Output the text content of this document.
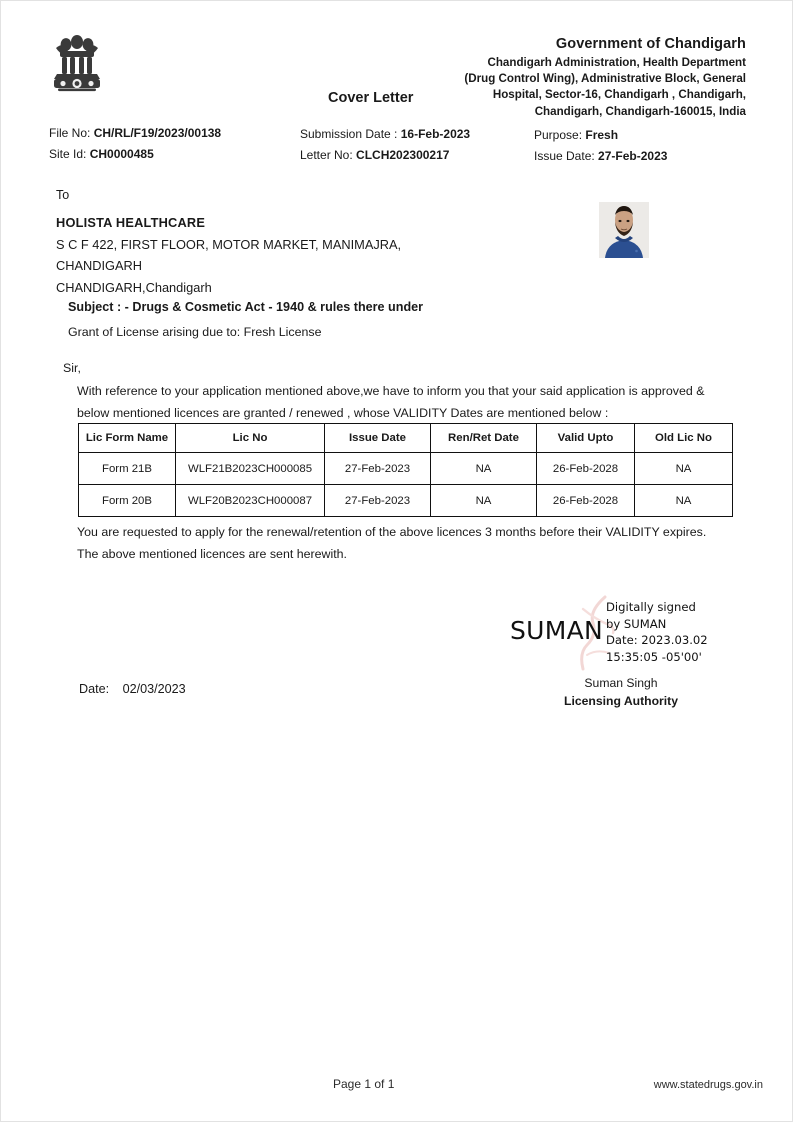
Government of Chandigarh
Chandigarh Administration, Health Department
(Drug Control Wing), Administrative Block, General
Hospital, Sector-16, Chandigarh , Chandigarh,
Chandigarh, Chandigarh-160015, India
Cover Letter
File No: CH/RL/F19/2023/00138
Site Id: CH0000485
Submission Date : 16-Feb-2023
Letter No: CLCH202300217
Purpose: Fresh
Issue Date: 27-Feb-2023
To
HOLISTA HEALTHCARE
S C F 422, FIRST FLOOR, MOTOR MARKET, MANIMAJRA,
CHANDIGARH
CHANDIGARH,Chandigarh
Subject : - Drugs & Cosmetic Act - 1940 & rules there under
Grant of License arising due to: Fresh License
Sir,
With reference to your application mentioned above,we have to inform you that your said application is approved & below mentioned licences are granted / renewed , whose VALIDITY Dates are mentioned below :
Lic Form Name	Lic No	Issue Date	Ren/Ret Date	Valid Upto	Old Lic No
Form 21B	WLF21B2023CH000085	27-Feb-2023	NA	26-Feb-2028	NA
Form 20B	WLF20B2023CH000087	27-Feb-2023	NA	26-Feb-2028	NA
You are requested to apply for the renewal/retention of the above licences 3 months before their VALIDITY expires. The above mentioned licences are sent herewith.
SUMAN
Digitally signed
by SUMAN
Date: 2023.03.02
15:35:05 -05'00'
Suman Singh
Licensing Authority
Date: 02/03/2023
Page 1 of 1	www.statedrugs.gov.in
